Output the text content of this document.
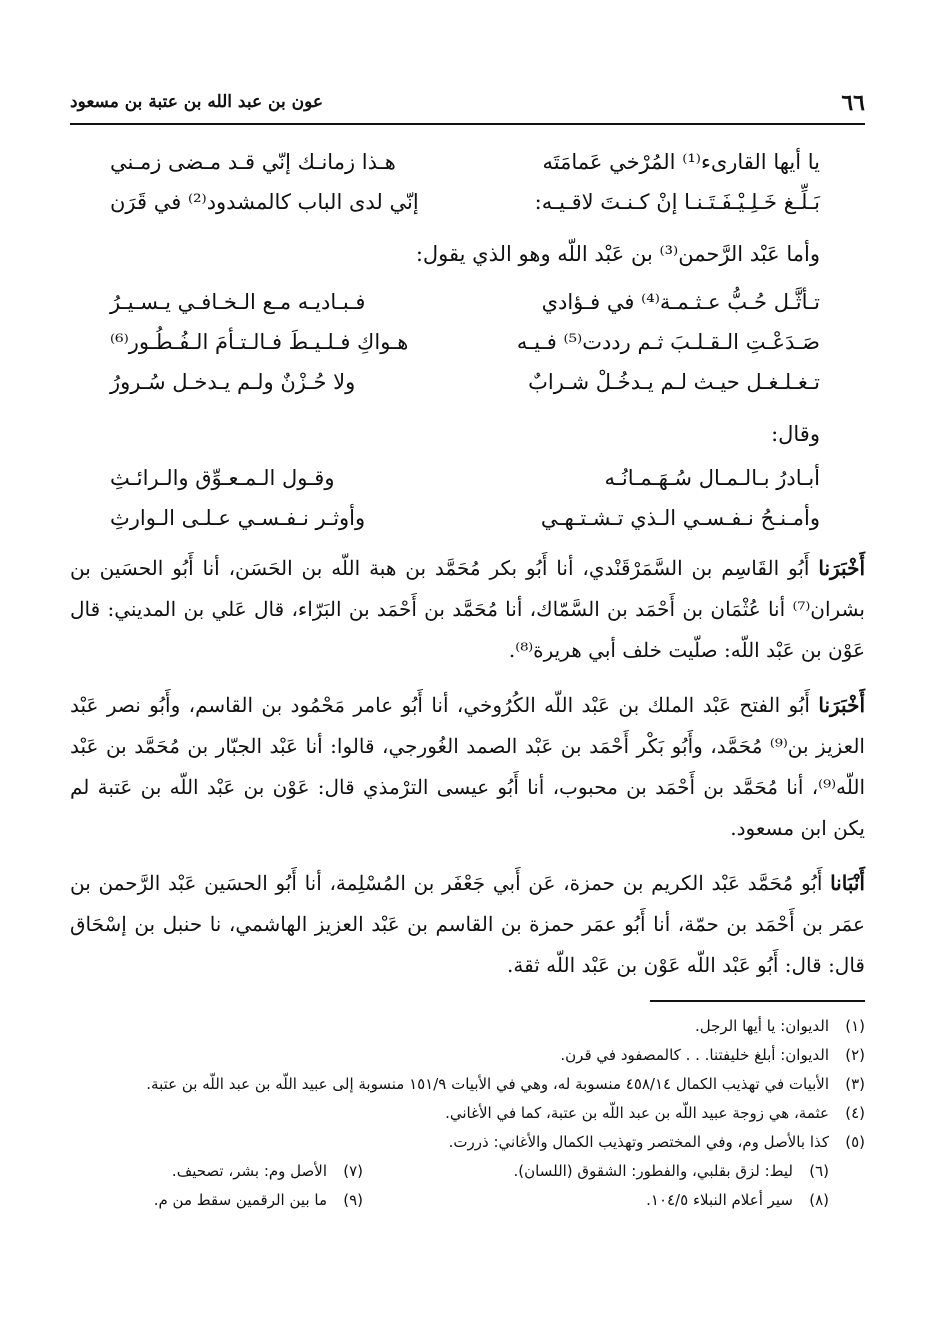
٦٦
عون بن عبد الله بن عتبة بن مسعود
يا أيها القارىء⁽¹⁾ المُرْخي عَمامَتَه
هـذا زمانـك إنّي قـد مـضى زمـني
بَـلِّـغ خَـلِـيْـفَـتَـنـا إنْ كـنـتَ لاقـيـه:
إنّي لدى الباب كالمشدود⁽²⁾ في قَرَن
وأما عَبْد الرَّحمن⁽³⁾ بن عَبْد اللّه وهو الذي يقول:
تـأثَّـل حُـبُّ عـثـمـة⁽⁴⁾ في فـؤادي
فـبـاديـه مـع الـخـافـي يـسـيـرُ
صَـدَعْـتِ الـقـلـبَ ثـم رددت⁽⁵⁾ فـيـه
هـواكِ فـلـيـطَ فـالـتـأمَ الـفُـطُـور⁽⁶⁾
تـغـلـغـل حيـث لـم يـدخُـلْ شـرابٌ
ولا حُـزْنٌ ولـم يـدخـل سُـرورُ
وقال:
أبـادرُ بـالـمـال سُـهَـمـانُـه
وقـول الـمـعـوِّق والـرائـثِ
وأمـنـحُ نـفـسـي الـذي تـشـتـهـي
وأوثـر نـفـسـي عـلـى الـوارثِ

أَخْبَرَنا أَبُو القَاسِم بن السَّمَرْقَنْدي، أنا أَبُو بكر مُحَمَّد بن هبة اللّه بن الحَسَن، أنا أَبُو الحسَين بن بشران⁽⁷⁾ أنا عُثْمَان بن أَحْمَد بن السَّمّاك، أنا مُحَمَّد بن أَحْمَد بن البَرّاء، قال عَلي بن المديني: قال عَوْن بن عَبْد اللّه: صلّيت خلف أبي هريرة⁽⁸⁾.

أَخْبَرَنا أَبُو الفتح عَبْد الملك بن عَبْد اللّه الكُرُوخي، أنا أَبُو عامر مَحْمُود بن القاسم، وأَبُو نصر عَبْد العزيز بن⁽⁹⁾ مُحَمَّد، وأَبُو بَكْر أَحْمَد بن عَبْد الصمد الغُورجي، قالوا: أنا عَبْد الجبّار بن مُحَمَّد بن عَبْد اللّه⁽⁹⁾، أنا مُحَمَّد بن أَحْمَد بن محبوب، أنا أَبُو عيسى الترْمذي قال: عَوْن بن عَبْد اللّه بن عَتبة لم يكن ابن مسعود.

أَنْبَانا أَبُو مُحَمَّد عَبْد الكريم بن حمزة، عَن أَبي جَعْفَر بن المُسْلِمة، أنا أَبُو الحسَين عَبْد الرَّحمن بن عمَر بن أَحْمَد بن حمّة، أنا أَبُو عمَر حمزة بن القاسم بن عَبْد العزيز الهاشمي، نا حنبل بن إسْحَاق قال: قال: أَبُو عَبْد اللّه عَوْن بن عَبْد اللّه ثقة.

(١)
الديوان: يا أيها الرجل.
(٢)
الديوان: أبلغ خليفتنا. . . كالمصفود في قرن.
(٣)
الأبيات في تهذيب الكمال ٤٥٨/١٤ منسوبة له، وهي في الأبيات ١٥١/٩ منسوبة إلى عبيد اللّه بن عبد اللّه بن عتبة.
(٤)
عثمة، هي زوجة عبيد اللّه بن عبد اللّه بن عتبة، كما في الأغاني.
(٥)
كذا بالأصل وم، وفي المختصر وتهذيب الكمال والأغاني: ذررت.
(٦)
ليط: لزق بقلبي، والفطور: الشقوق (اللسان).
(٧)
الأصل وم: بشر، تصحيف.
(٨)
سير أعلام النبلاء ١٠٤/٥.
(٩)
ما بين الرقمين سقط من م.
